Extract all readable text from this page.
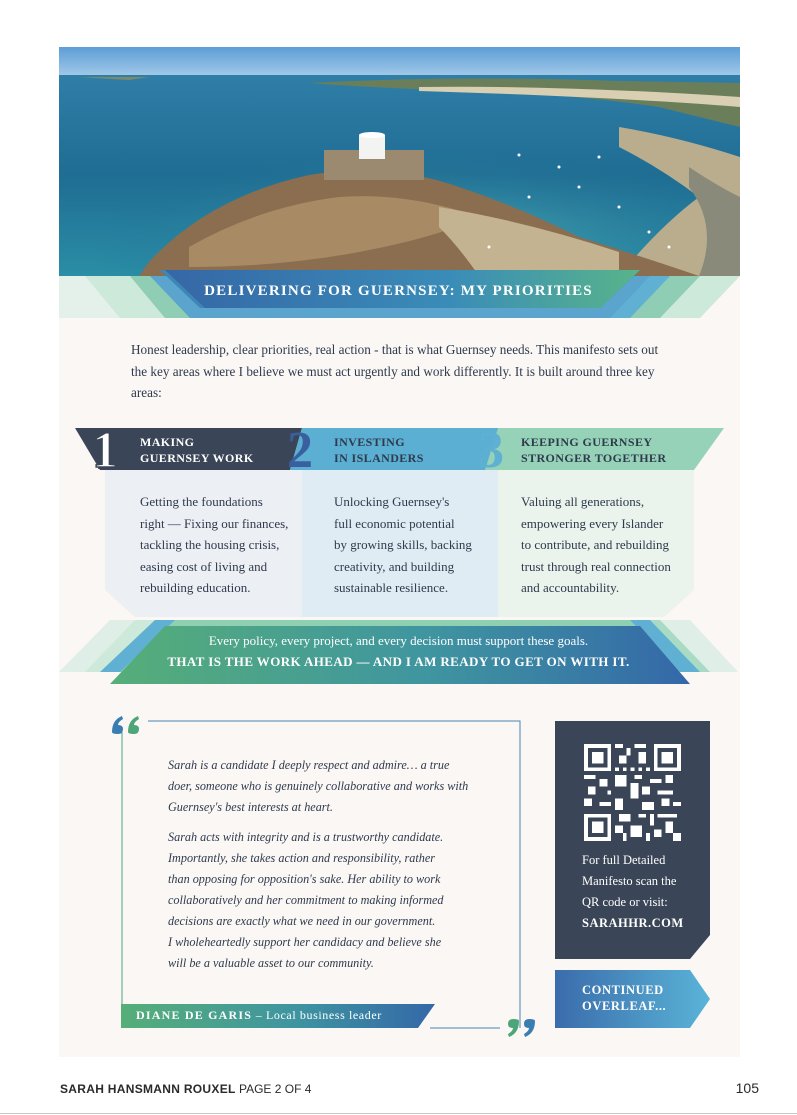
DELIVERING FOR GUERNSEY: MY PRIORITIES
Honest leadership, clear priorities, real action - that is what Guernsey needs. This manifesto sets out the key areas where I believe we must act urgently and work differently. It is built around three key areas:
1 MAKING
GUERNSEY WORK
Getting the foundations
right — Fixing our finances,
tackling the housing crisis,
easing cost of living and
rebuilding education.
2 INVESTING
IN ISLANDERS
Unlocking Guernsey's
full economic potential
by growing skills, backing
creativity, and building
sustainable resilience.
3 KEEPING GUERNSEY
STRONGER TOGETHER
Valuing all generations,
empowering every Islander
to contribute, and rebuilding
trust through real connection
and accountability.
Every policy, every project, and every decision must support these goals.
THAT IS THE WORK AHEAD — AND I AM READY TO GET ON WITH IT.

Sarah is a candidate I deeply respect and admire… a true
doer, someone who is genuinely collaborative and works with
Guernsey's best interests at heart.

Sarah acts with integrity and is a trustworthy candidate.
Importantly, she takes action and responsibility, rather
than opposing for opposition's sake. Her ability to work
collaboratively and her commitment to making informed
decisions are exactly what we need in our government.
I wholeheartedly support her candidacy and believe she
will be a valuable asset to our community.

DIANE DE GARIS – Local business leader
For full Detailed
Manifesto scan the
QR code or visit:
SARAHHR.COM
CONTINUED
OVERLEAF...
SARAH HANSMANN ROUXEL PAGE 2 OF 4	105
